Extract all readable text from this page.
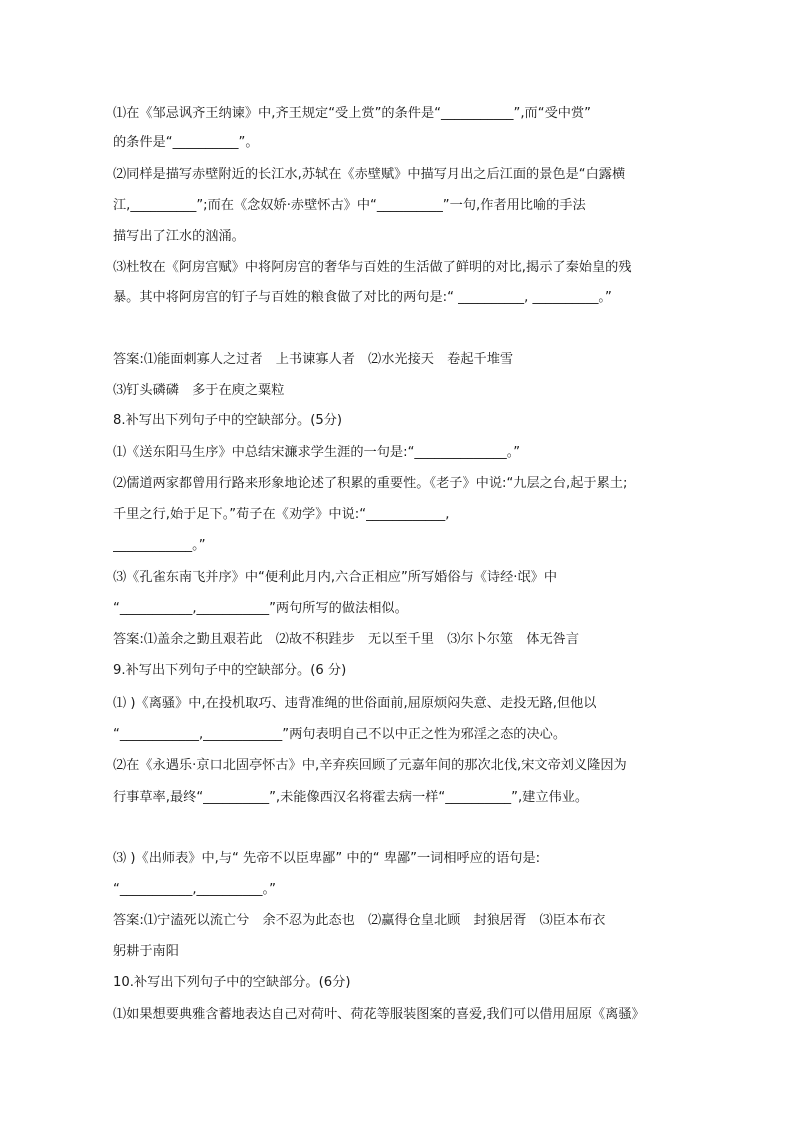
⑴在《邹忌讽齐王纳谏》中,齐王规定“受上赏”的条件是“___________”,而“受中赏”
的条件是“__________”。
⑵同样是描写赤壁附近的长江水,苏轼在《赤壁赋》中描写月出之后江面的景色是“白露横
江,__________”;而在《念奴娇·赤壁怀古》中“__________”一句,作者用比喻的手法
描写出了江水的汹涌。
⑶杜牧在《阿房宫赋》中将阿房宫的奢华与百姓的生活做了鲜明的对比,揭示了秦始皇的残
暴。其中将阿房宫的钉子与百姓的粮食做了对比的两句是:“ __________, __________。”
答案:⑴能面刺寡人之过者　上书谏寡人者　⑵水光接天　卷起千堆雪
⑶钉头磷磷　多于在庾之粟粒
8.补写出下列句子中的空缺部分。(5分)
⑴《送东阳马生序》中总结宋濂求学生涯的一句是:“______________。”
⑵儒道两家都曾用行路来形象地论述了积累的重要性。《老子》中说:“九层之台,起于累土;
千里之行,始于足下。”荀子在《劝学》中说:“____________,
____________。”
⑶《孔雀东南飞并序》中“便利此月内,六合正相应”所写婚俗与《诗经·氓》中
“___________,___________”两句所写的做法相似。
答案:⑴盖余之勤且艰若此　⑵故不积跬步　无以至千里　⑶尔卜尔筮　体无咎言
9.补写出下列句子中的空缺部分。(6 分)
⑴ )《离骚》中,在投机取巧、违背准绳的世俗面前,屈原烦闷失意、走投无路,但他以
“____________,____________”两句表明自己不以中正之性为邪淫之态的决心。
⑵在《永遇乐·京口北固亭怀古》中,辛弃疾回顾了元嘉年间的那次北伐,宋文帝刘义隆因为
行事草率,最终“__________”,未能像西汉名将霍去病一样“__________”,建立伟业。
⑶ )《出师表》中,与“ 先帝不以臣卑鄙” 中的“ 卑鄙”一词相呼应的语句是:
“___________,__________。”
答案:⑴宁溘死以流亡兮　余不忍为此态也　⑵赢得仓皇北顾　封狼居胥　⑶臣本布衣
躬耕于南阳
10.补写出下列句子中的空缺部分。(6分)
⑴如果想要典雅含蓄地表达自己对荷叶、荷花等服装图案的喜爱,我们可以借用屈原《离骚》
